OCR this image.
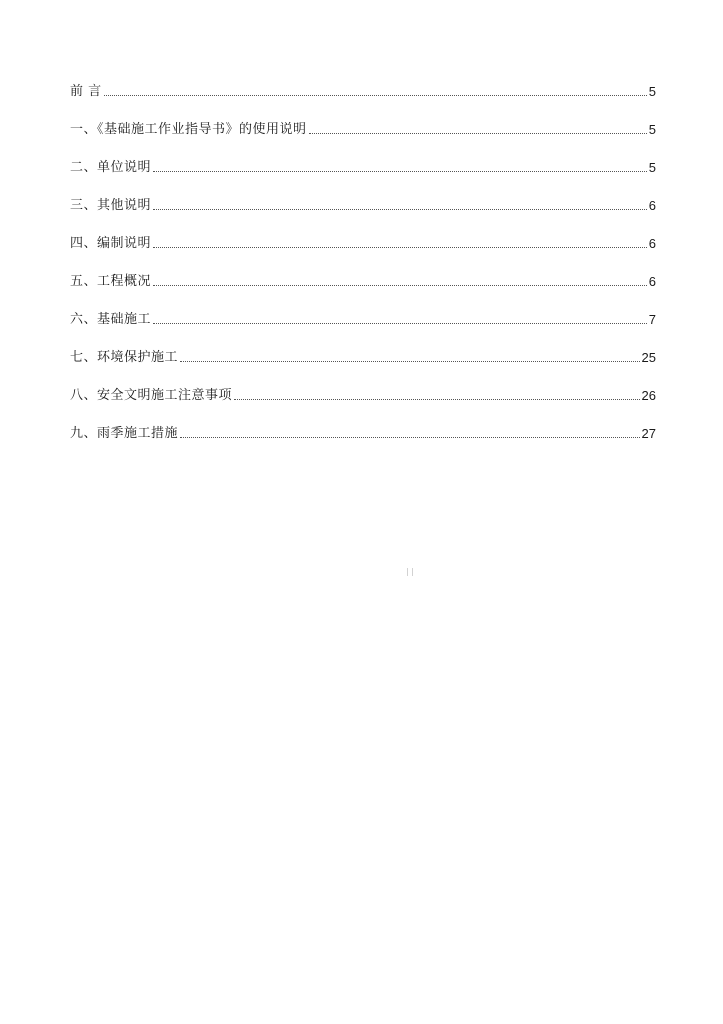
前 言	5
一、《基础施工作业指导书》的使用说明	5
二、单位说明	5
三、其他说明	6
四、编制说明	6
五、工程概况	6
六、基础施工	7
七、环境保护施工	25
八、安全文明施工注意事项	26
九、雨季施工措施	27
